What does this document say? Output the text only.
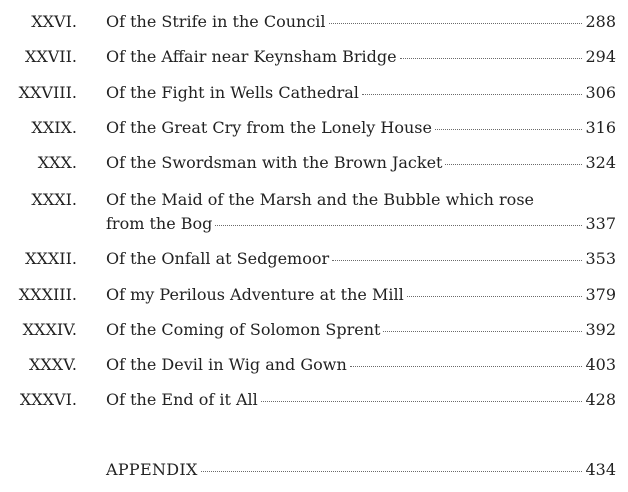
XXVI. Of the Strife in the Council	288
XXVII. Of the Affair near Keynsham Bridge	294
XXVIII. Of the Fight in Wells Cathedral	306
XXIX. Of the Great Cry from the Lonely House	316
XXX. Of the Swordsman with the Brown Jacket	324
XXXI. Of the Maid of the Marsh and the Bubble which rose
from the Bog	337
XXXII. Of the Onfall at Sedgemoor	353
XXXIII. Of my Perilous Adventure at the Mill	379
XXXIV. Of the Coming of Solomon Sprent	392
XXXV. Of the Devil in Wig and Gown	403
XXXVI. Of the End of it All	428
APPENDIX	434
